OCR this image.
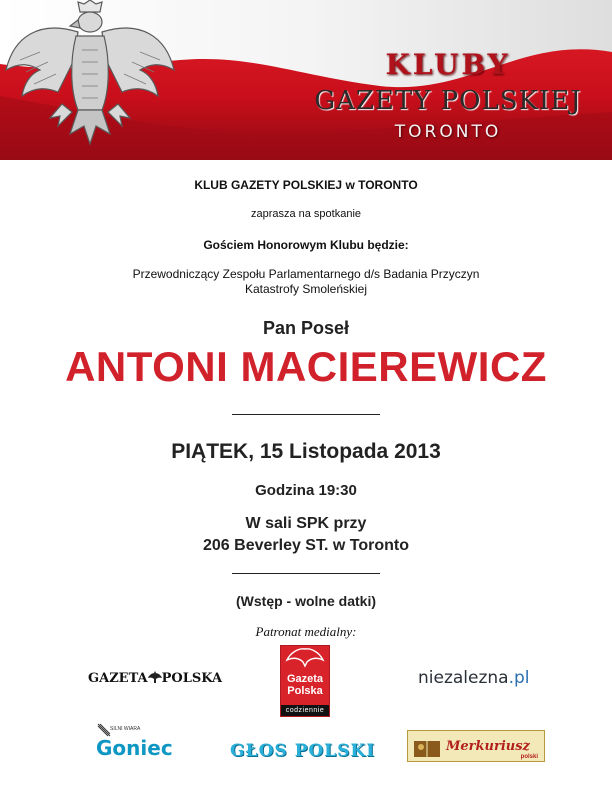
KLUBY
GAZETY POLSKIEJ
TORONTO
KLUB GAZETY POLSKIEJ w TORONTO
zaprasza na spotkanie
Gościem Honorowym Klubu będzie:
Przewodniczący Zespołu Parlamentarnego d/s Badania Przyczyn
Katastrofy Smoleńskiej
Pan Poseł
ANTONI MACIEREWICZ
PIĄTEK, 15 Listopada 2013
Godzina 19:30
W sali SPK przy
206 Beverley ST. w Toronto
(Wstęp - wolne datki)
Patronat medialny:
GAZETA POLSKA	Gazeta
Polska
codziennie
niezalezna.pl
SILNI WIARA
Goniec	GŁOS POLSKI	Merkuriusz
polski
